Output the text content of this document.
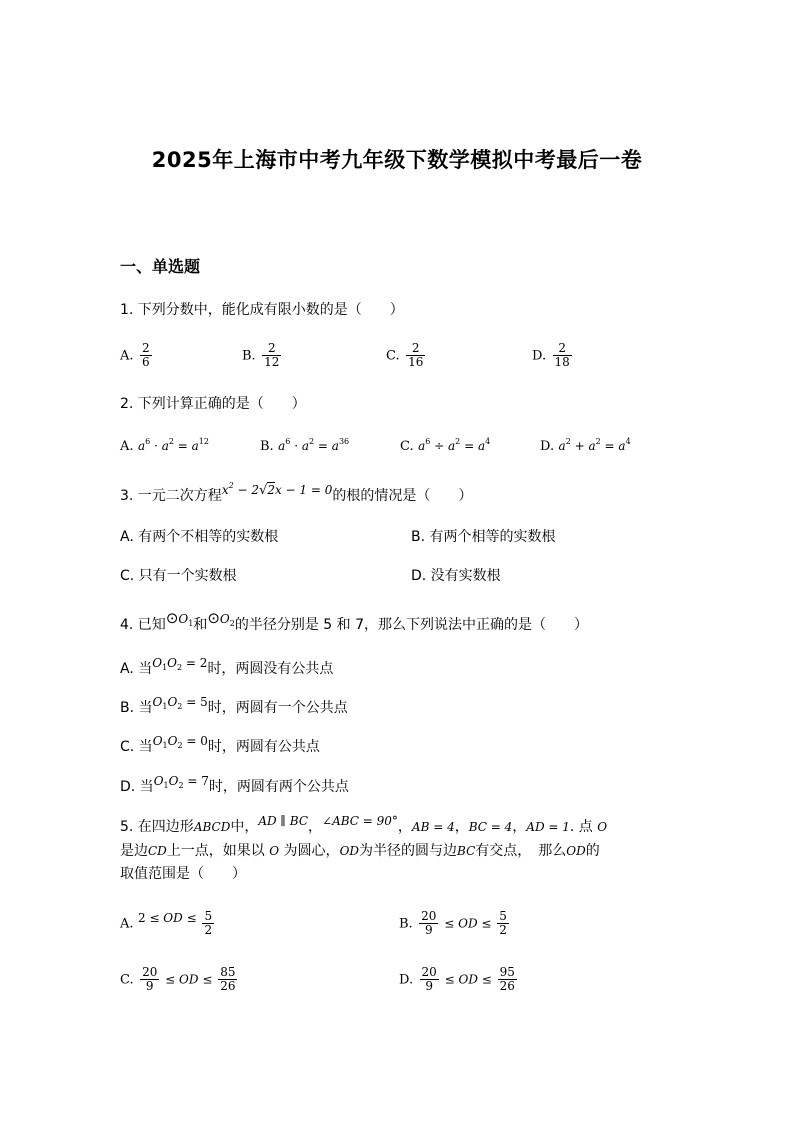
2025年上海市中考九年级下数学模拟中考最后一卷
一、单选题
1. 下列分数中，能化成有限小数的是（　　）
A. $\frac{2}{6}$	B. $\frac{2}{12}$	C. $\frac{2}{16}$	D. $\frac{2}{18}$
2. 下列计算正确的是（　　）
A. $a^6 \cdot a^2 = a^{12}$	B. $a^6 \cdot a^2 = a^{36}$	C. $a^6 \div a^2 = a^4$	D. $a^2 + a^2 = a^4$
3. 一元二次方程$x^2 - 2√2x - 1 = 0$的根的情况是（　　）
A. 有两个不相等的实数根	B. 有两个相等的实数根
C. 只有一个实数根	D. 没有实数根
4. 已知$⊙O_1$和$⊙O_2$的半径分别是 5 和 7，那么下列说法中正确的是（　　）
A. 当$O_1O_2 = 2$时，两圆没有公共点
B. 当$O_1O_2 = 5$时，两圆有一个公共点
C. 当$O_1O_2 = 0$时，两圆有公共点
D. 当$O_1O_2 = 7$时，两圆有两个公共点
5. 在四边形ABCD中，AD ∥ BC，∠ABC = 90°，AB = 4，BC = 4，AD = 1. 点 O
是边CD上一点，如果以 O 为圆心，OD为半径的圆与边BC有交点，　那么OD的
取值范围是（　　）
A. 2 ≤ OD ≤ $\frac{5}{2}$	B. $\frac{20}{9}$ ≤ OD ≤ $\frac{5}{2}$
C. $\frac{20}{9}$ ≤ OD ≤ $\frac{85}{26}$	D. $\frac{20}{9}$ ≤ OD ≤ $\frac{95}{26}$
